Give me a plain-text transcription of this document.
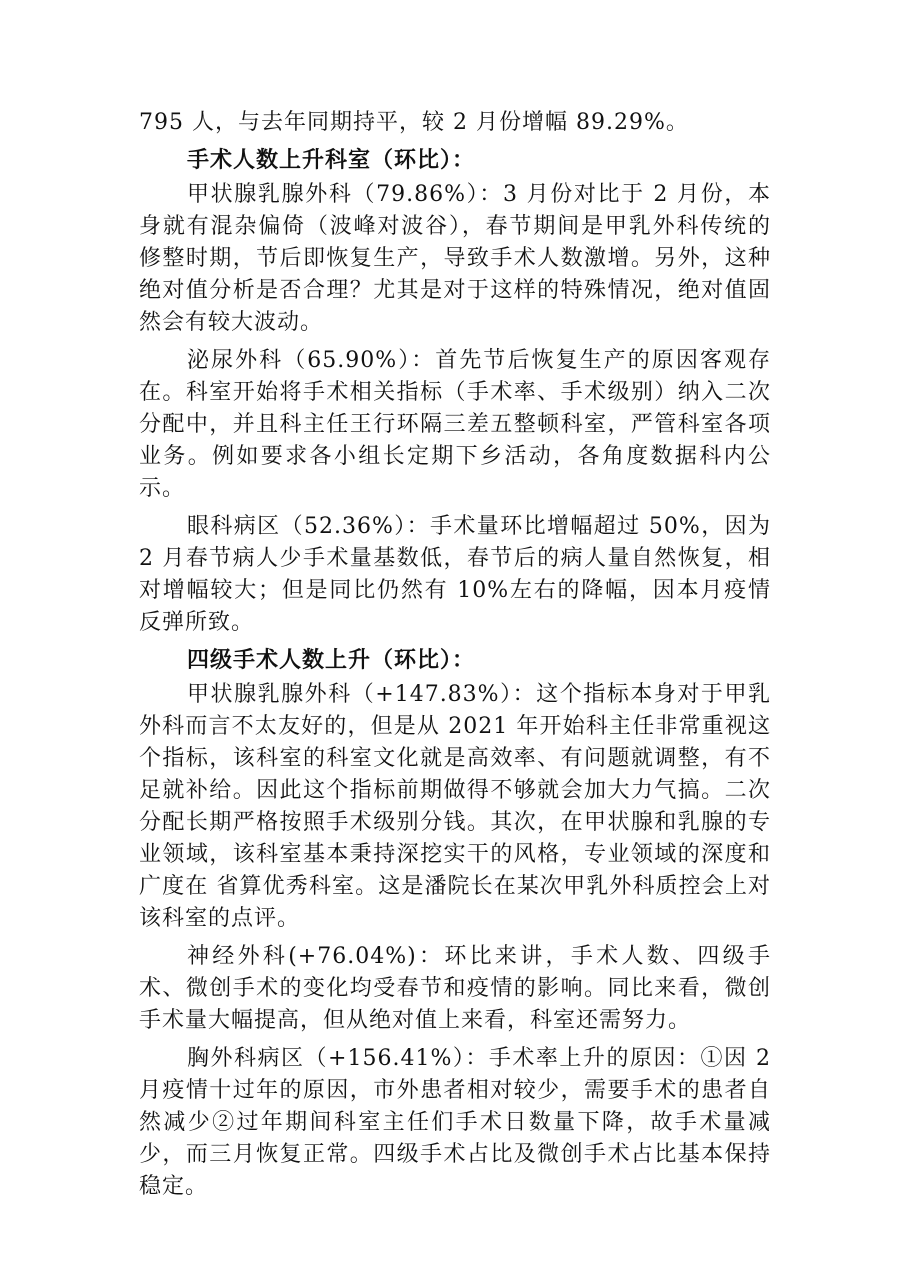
795 人，与去年同期持平，较 2 月份增幅 89.29%。

手术人数上升科室（环比）：

甲状腺乳腺外科（79.86%）：3 月份对比于 2 月份，本身就有混杂偏倚（波峰对波谷），春节期间是甲乳外科传统的修整时期，节后即恢复生产，导致手术人数激增。另外，这种绝对值分析是否合理？尤其是对于这样的特殊情况，绝对值固然会有较大波动。

泌尿外科（65.90%）：首先节后恢复生产的原因客观存在。科室开始将手术相关指标（手术率、手术级别）纳入二次分配中，并且科主任王行环隔三差五整顿科室，严管科室各项业务。例如要求各小组长定期下乡活动，各角度数据科内公示。

眼科病区（52.36%）：手术量环比增幅超过 50%，因为 2 月春节病人少手术量基数低，春节后的病人量自然恢复，相对增幅较大；但是同比仍然有 10%左右的降幅，因本月疫情反弹所致。

四级手术人数上升（环比）：

甲状腺乳腺外科（+147.83%）：这个指标本身对于甲乳外科而言不太友好的，但是从 2021 年开始科主任非常重视这个指标，该科室的科室文化就是高效率、有问题就调整，有不足就补给。因此这个指标前期做得不够就会加大力气搞。二次分配长期严格按照手术级别分钱。其次，在甲状腺和乳腺的专业领域，该科室基本秉持深挖实干的风格，专业领域的深度和广度在 省算优秀科室。这是潘院长在某次甲乳外科质控会上对该科室的点评。

神经外科(+76.04%)：环比来讲，手术人数、四级手术、微创手术的变化均受春节和疫情的影响。同比来看，微创手术量大幅提高，但从绝对值上来看，科室还需努力。

胸外科病区（+156.41%）：手术率上升的原因：①因 2 月疫情十过年的原因，市外患者相对较少，需要手术的患者自然减少②过年期间科室主任们手术日数量下降，故手术量减少，而三月恢复正常。四级手术占比及微创手术占比基本保持稳定。
